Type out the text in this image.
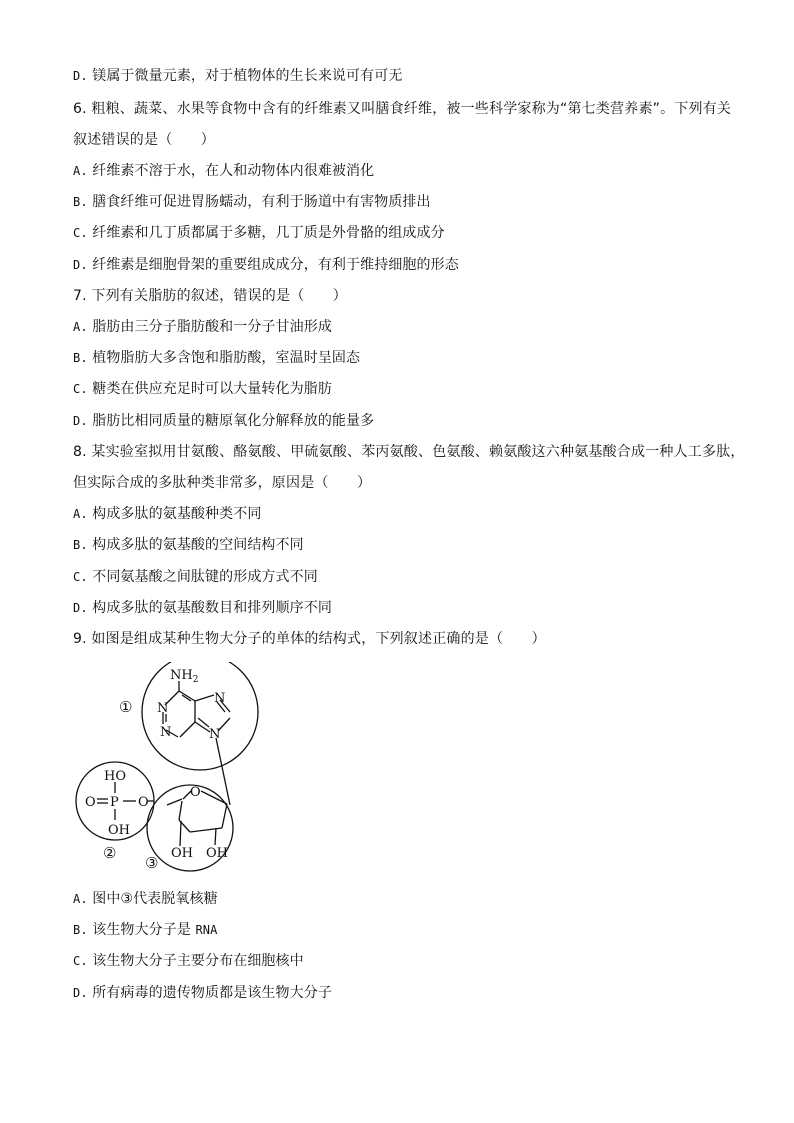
D. 镁属于微量元素，对于植物体的生长来说可有可无
6. 粗粮、蔬菜、水果等食物中含有的纤维素又叫膳食纤维，被一些科学家称为“第七类营养素”。下列有关
叙述错误的是（　　）
A. 纤维素不溶于水，在人和动物体内很难被消化
B. 膳食纤维可促进胃肠蠕动，有利于肠道中有害物质排出
C. 纤维素和几丁质都属于多糖，几丁质是外骨骼的组成成分
D. 纤维素是细胞骨架的重要组成成分，有利于维持细胞的形态
7. 下列有关脂肪的叙述，错误的是（　　）
A. 脂肪由三分子脂肪酸和一分子甘油形成
B. 植物脂肪大多含饱和脂肪酸，室温时呈固态
C. 糖类在供应充足时可以大量转化为脂肪
D. 脂肪比相同质量的糖原氧化分解释放的能量多
8. 某实验室拟用甘氨酸、酪氨酸、甲硫氨酸、苯丙氨酸、色氨酸、赖氨酸这六种氨基酸合成一种人工多肽，
但实际合成的多肽种类非常多，原因是（　　）
A. 构成多肽的氨基酸种类不同
B. 构成多肽的氨基酸的空间结构不同
C. 不同氨基酸之间肽键的形成方式不同
D. 构成多肽的氨基酸数目和排列顺序不同
9. 如图是组成某种生物大分子的单体的结构式，下列叙述正确的是（　　）
①
②
③
$NH_2$
N
N
N
N
HO
O P O
OH
O
OH OH
A. 图中③代表脱氧核糖
B. 该生物大分子是 RNA
C. 该生物大分子主要分布在细胞核中
D. 所有病毒的遗传物质都是该生物大分子
